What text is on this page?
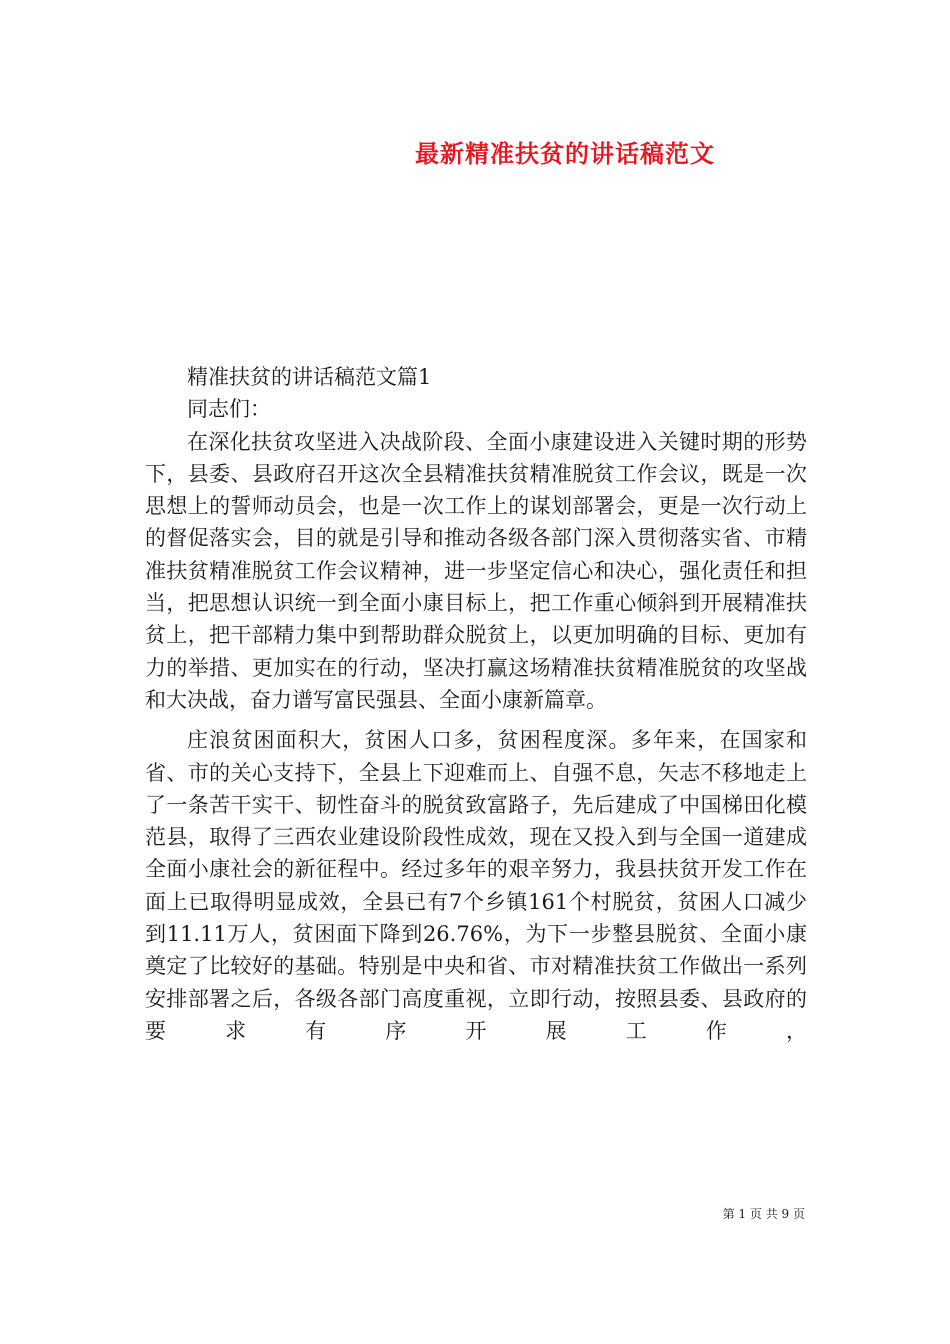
最新精准扶贫的讲话稿范文

精准扶贫的讲话稿范文篇1

同志们：

在深化扶贫攻坚进入决战阶段、全面小康建设进入关键时期的形势下，县委、县政府召开这次全县精准扶贫精准脱贫工作会议，既是一次思想上的誓师动员会，也是一次工作上的谋划部署会，更是一次行动上的督促落实会，目的就是引导和推动各级各部门深入贯彻落实省、市精准扶贫精准脱贫工作会议精神，进一步坚定信心和决心，强化责任和担当，把思想认识统一到全面小康目标上，把工作重心倾斜到开展精准扶贫上，把干部精力集中到帮助群众脱贫上，以更加明确的目标、更加有力的举措、更加实在的行动，坚决打赢这场精准扶贫精准脱贫的攻坚战和大决战，奋力谱写富民强县、全面小康新篇章。

庄浪贫困面积大，贫困人口多，贫困程度深。多年来，在国家和省、市的关心支持下，全县上下迎难而上、自强不息，矢志不移地走上了一条苦干实干、韧性奋斗的脱贫致富路子，先后建成了中国梯田化模范县，取得了三西农业建设阶段性成效，现在又投入到与全国一道建成全面小康社会的新征程中。经过多年的艰辛努力，我县扶贫开发工作在面上已取得明显成效，全县已有7个乡镇161个村脱贫，贫困人口减少到11.11万人，贫困面下降到26.76%，为下一步整县脱贫、全面小康奠定了比较好的基础。特别是中央和省、市对精准扶贫工作做出一系列安排部署之后，各级各部门高度重视，立即行动，按照县委、县政府的要求有序开展工作，

第 1 页 共 9 页
